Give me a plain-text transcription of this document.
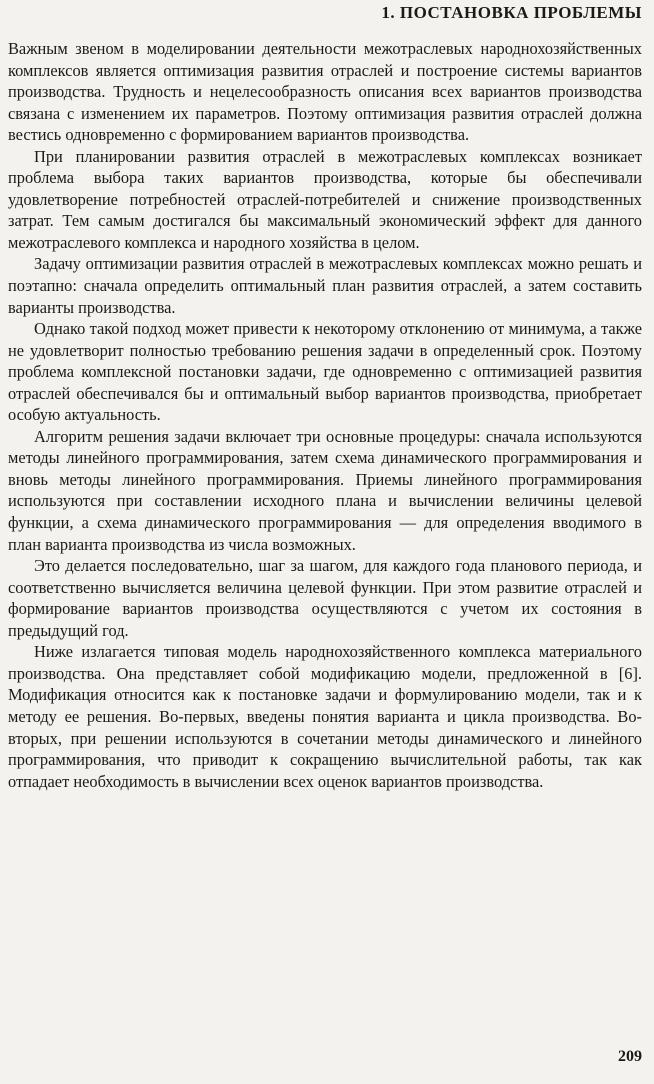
1. ПОСТАНОВКА ПРОБЛЕМЫ

Важным звеном в моделировании деятельности межотраслевых народнохозяйственных комплексов является оптимизация развития отраслей и построение системы вариантов производства. Трудность и нецелесообразность описания всех вариантов производства связана с изменением их параметров. Поэтому оптимизация развития отраслей должна вестись одновременно с формированием вариантов производства.

При планировании развития отраслей в межотраслевых комплексах возникает проблема выбора таких вариантов производства, которые бы обеспечивали удовлетворение потребностей отраслей-потребителей и снижение производственных затрат. Тем самым достигался бы максимальный экономический эффект для данного межотраслевого комплекса и народного хозяйства в целом.

Задачу оптимизации развития отраслей в межотраслевых комплексах можно решать и поэтапно: сначала определить оптимальный план развития отраслей, а затем составить варианты производства.

Однако такой подход может привести к некоторому отклонению от минимума, а также не удовлетворит полностью требованию решения задачи в определенный срок. Поэтому проблема комплексной постановки задачи, где одновременно с оптимизацией развития отраслей обеспечивался бы и оптимальный выбор вариантов производства, приобретает особую актуальность.

Алгоритм решения задачи включает три основные процедуры: сначала используются методы линейного программирования, затем схема динамического программирования и вновь методы линейного программирования. Приемы линейного программирования используются при составлении исходного плана и вычислении величины целевой функции, а схема динамического программирования — для определения вводимого в план варианта производства из числа возможных.

Это делается последовательно, шаг за шагом, для каждого года планового периода, и соответственно вычисляется величина целевой функции. При этом развитие отраслей и формирование вариантов производства осуществляются с учетом их состояния в предыдущий год.

Ниже излагается типовая модель народнохозяйственного комплекса материального производства. Она представляет собой модификацию модели, предложенной в [6]. Модификация относится как к постановке задачи и формулированию модели, так и к методу ее решения. Во-первых, введены понятия варианта и цикла производства. Во-вторых, при решении используются в сочетании методы динамического и линейного программирования, что приводит к сокращению вычислительной работы, так как отпадает необходимость в вычислении всех оценок вариантов производства.

209
